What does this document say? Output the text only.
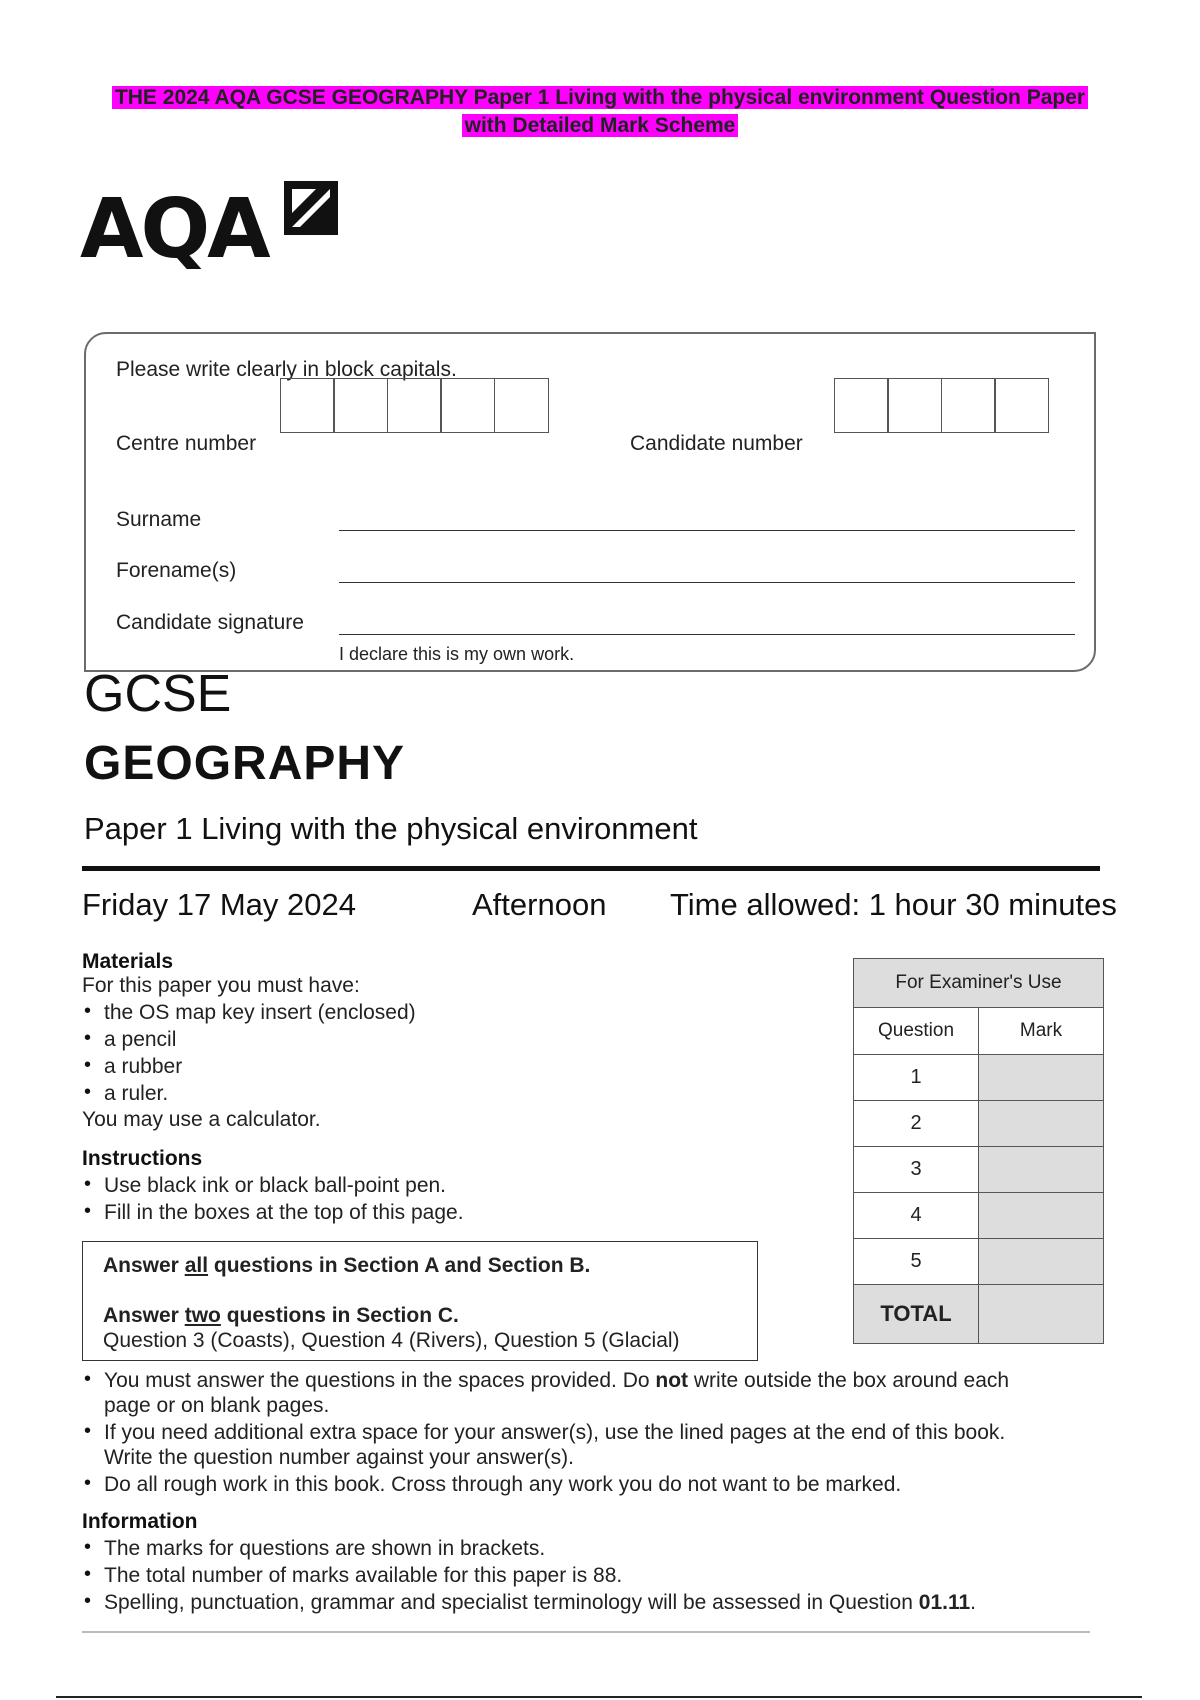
THE 2024 AQA GCSE GEOGRAPHY Paper 1 Living with the physical environment Question Paper
with Detailed Mark Scheme
AQA
Please write clearly in block capitals.
Centre number	Candidate number
Surname
Forename(s)
Candidate signature
I declare this is my own work.
GCSE
GEOGRAPHY
Paper 1 Living with the physical environment
Friday 17 May 2024	Afternoon Time allowed: 1 hour 30 minutes
Materials
For this paper you must have:
• the OS map key insert (enclosed)
• a pencil
• a rubber
• a ruler.
You may use a calculator.
Instructions
• Use black ink or black ball-point pen.
• Fill in the boxes at the top of this page.
Answer all questions in Section A and Section B.
Answer two questions in Section C.
Question 3 (Coasts), Question 4 (Rivers), Question 5 (Glacial)
• You must answer the questions in the spaces provided. Do not write outside the box around each
page or on blank pages.
• If you need additional extra space for your answer(s), use the lined pages at the end of this book.
Write the question number against your answer(s).
• Do all rough work in this book. Cross through any work you do not want to be marked.
Information
• The marks for questions are shown in brackets.
• The total number of marks available for this paper is 88.
• Spelling, punctuation, grammar and specialist terminology will be assessed in Question 01.11.
For Examiner's Use	
Question	Mark
1	
2	
3	
4	
5	
TOTAL	
